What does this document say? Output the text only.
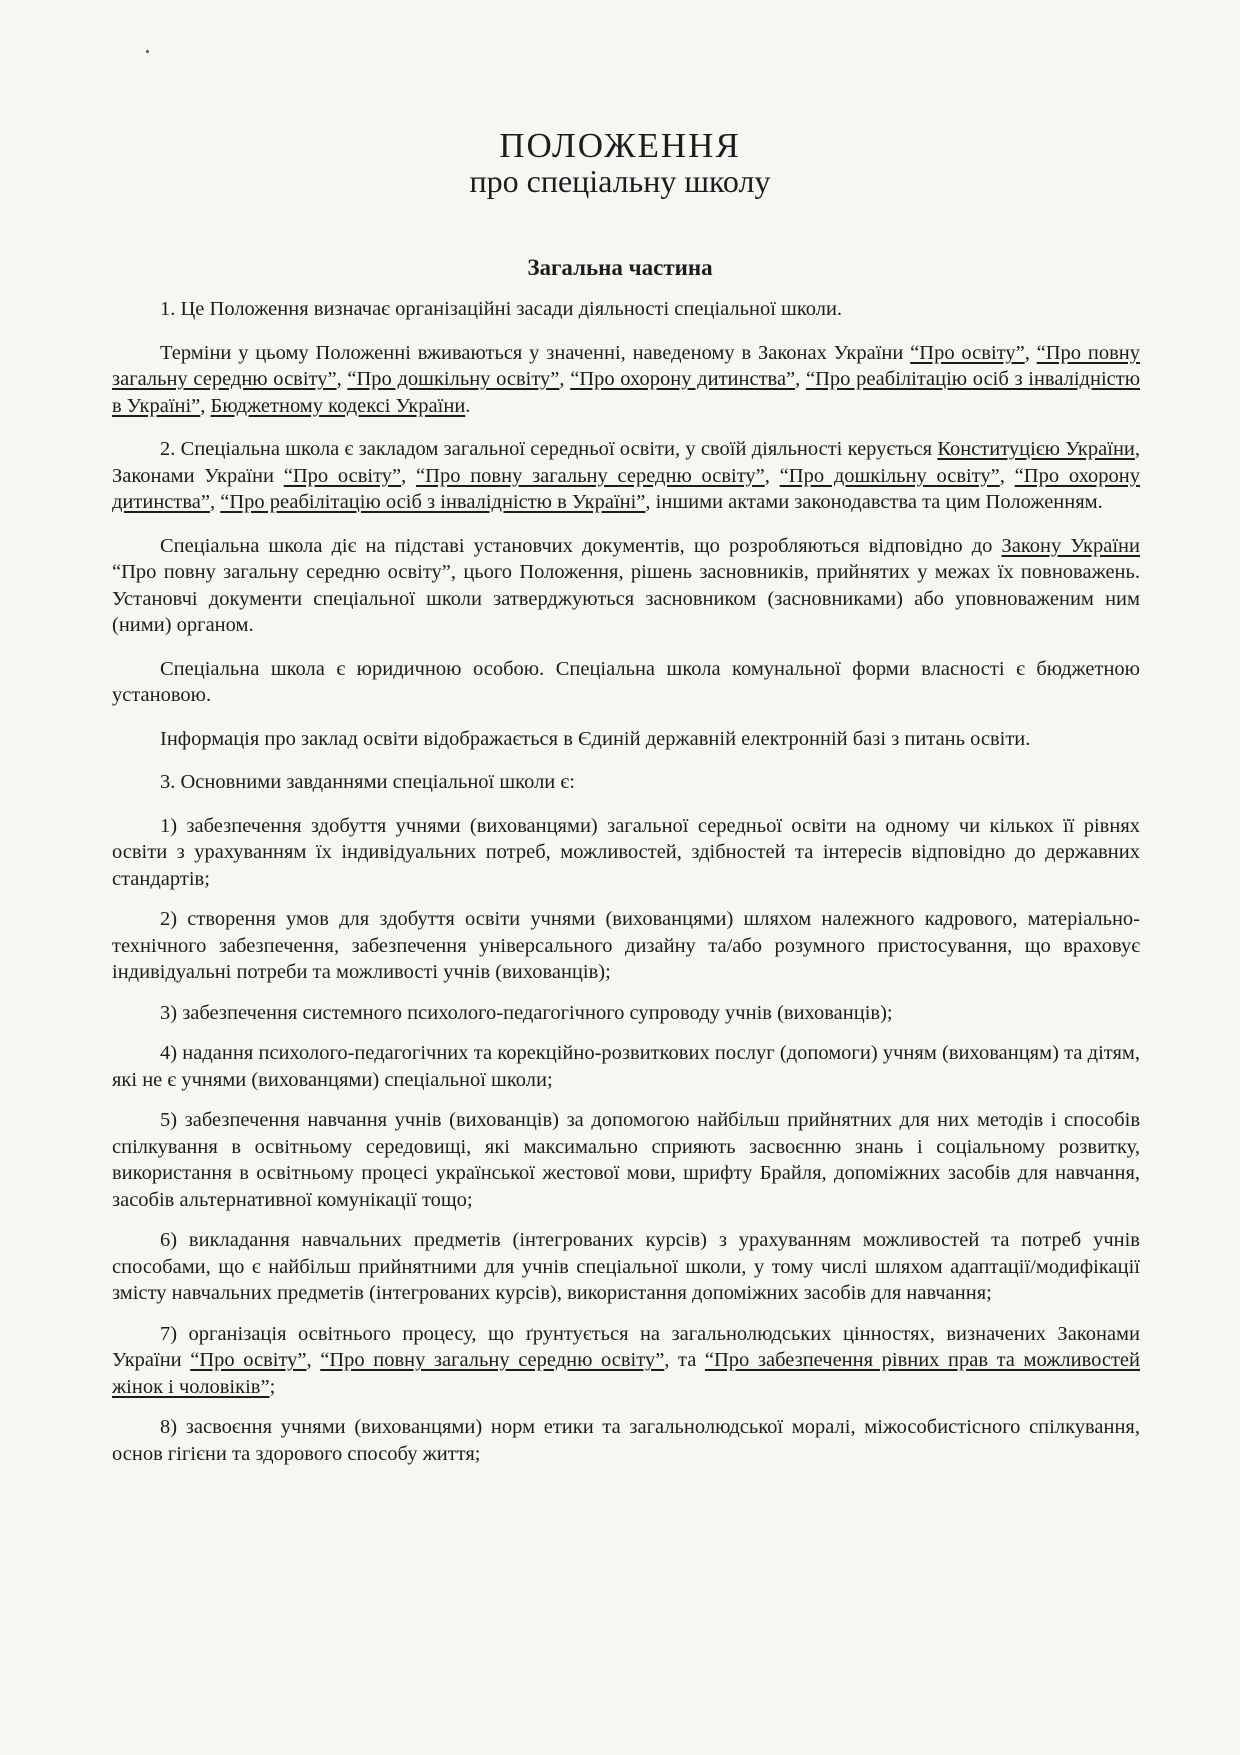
ПОЛОЖЕННЯ
про спеціальну школу
Загальна частина

1. Це Положення визначає організаційні засади діяльності спеціальної школи.

Терміни у цьому Положенні вживаються у значенні, наведеному в Законах України “Про освіту”, “Про повну загальну середню освіту”, “Про дошкільну освіту”, “Про охорону дитинства”, “Про реабілітацію осіб з інвалідністю в Україні”, Бюджетному кодексі України.

2. Спеціальна школа є закладом загальної середньої освіти, у своїй діяльності керується Конституцією України, Законами України “Про освіту”, “Про повну загальну середню освіту”, “Про дошкільну освіту”, “Про охорону дитинства”, “Про реабілітацію осіб з інвалідністю в Україні”, іншими актами законодавства та цим Положенням.

Спеціальна школа діє на підставі установчих документів, що розробляються відповідно до Закону України “Про повну загальну середню освіту”, цього Положення, рішень засновників, прийнятих у межах їх повноважень. Установчі документи спеціальної школи затверджуються засновником (засновниками) або уповноваженим ним (ними) органом.

Спеціальна школа є юридичною особою. Спеціальна школа комунальної форми власності є бюджетною установою.

Інформація про заклад освіти відображається в Єдиній державній електронній базі з питань освіти.

3. Основними завданнями спеціальної школи є:

1) забезпечення здобуття учнями (вихованцями) загальної середньої освіти на одному чи кількох її рівнях освіти з урахуванням їх індивідуальних потреб, можливостей, здібностей та інтересів відповідно до державних стандартів;

2) створення умов для здобуття освіти учнями (вихованцями) шляхом належного кадрового, матеріально-технічного забезпечення, забезпечення універсального дизайну та/або розумного пристосування, що враховує індивідуальні потреби та можливості учнів (вихованців);

3) забезпечення системного психолого-педагогічного супроводу учнів (вихованців);

4) надання психолого-педагогічних та корекційно-розвиткових послуг (допомоги) учням (вихованцям) та дітям, які не є учнями (вихованцями) спеціальної школи;

5) забезпечення навчання учнів (вихованців) за допомогою найбільш прийнятних для них методів і способів спілкування в освітньому середовищі, які максимально сприяють засвоєнню знань і соціальному розвитку, використання в освітньому процесі української жестової мови, шрифту Брайля, допоміжних засобів для навчання, засобів альтернативної комунікації тощо;

6) викладання навчальних предметів (інтегрованих курсів) з урахуванням можливостей та потреб учнів способами, що є найбільш прийнятними для учнів спеціальної школи, у тому числі шляхом адаптації/модифікації змісту навчальних предметів (інтегрованих курсів), використання допоміжних засобів для навчання;

7) організація освітнього процесу, що ґрунтується на загальнолюдських цінностях, визначених Законами України “Про освіту”, “Про повну загальну середню освіту”, та “Про забезпечення рівних прав та можливостей жінок і чоловіків”;

8) засвоєння учнями (вихованцями) норм етики та загальнолюдської моралі, міжособистісного спілкування, основ гігієни та здорового способу життя;
